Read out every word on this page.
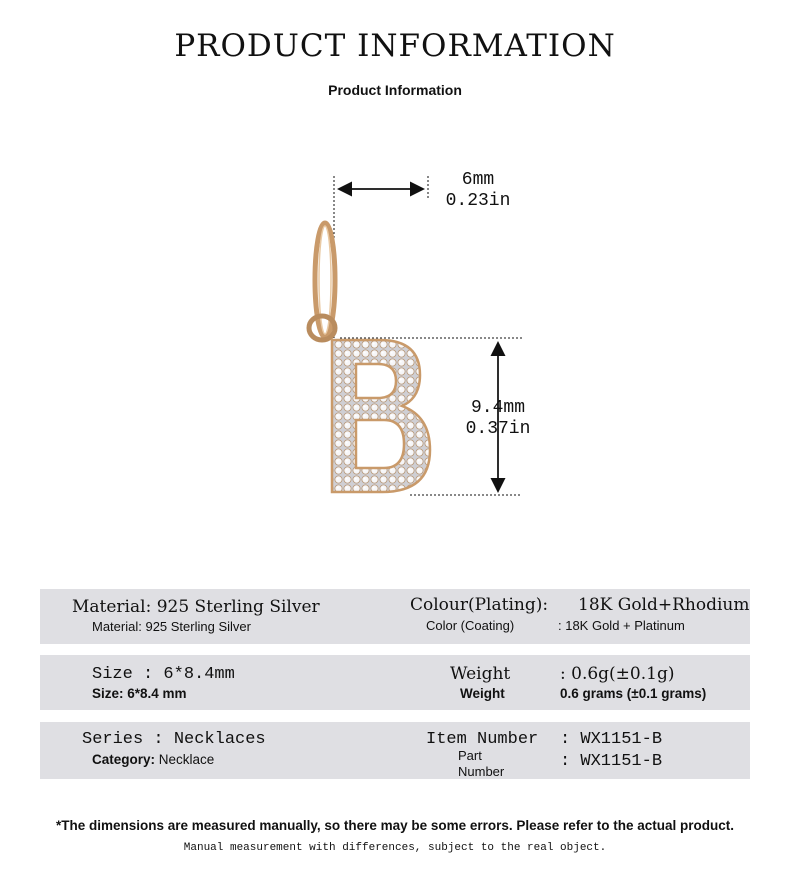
PRODUCT INFORMATION
Product Information
6mm
0.23in
9.4mm
0.37in
Material: 925 Sterling Silver
Material: 925 Sterling Silver
Colour(Plating): 18K Gold+Rhodium
Color (Coating)	: 18K Gold + Platinum
Size : 6*8.4mm
Size: 6*8.4 mm
Weight	: 0.6g(±0.1g)
Weight	0.6 grams (±0.1 grams)
Series : Necklaces
Category: Necklace
Item Number : WX1151-B
Part
Number
: WX1151-B
*The dimensions are measured manually, so there may be some errors. Please refer to the actual product.
Manual measurement with differences, subject to the real object.
